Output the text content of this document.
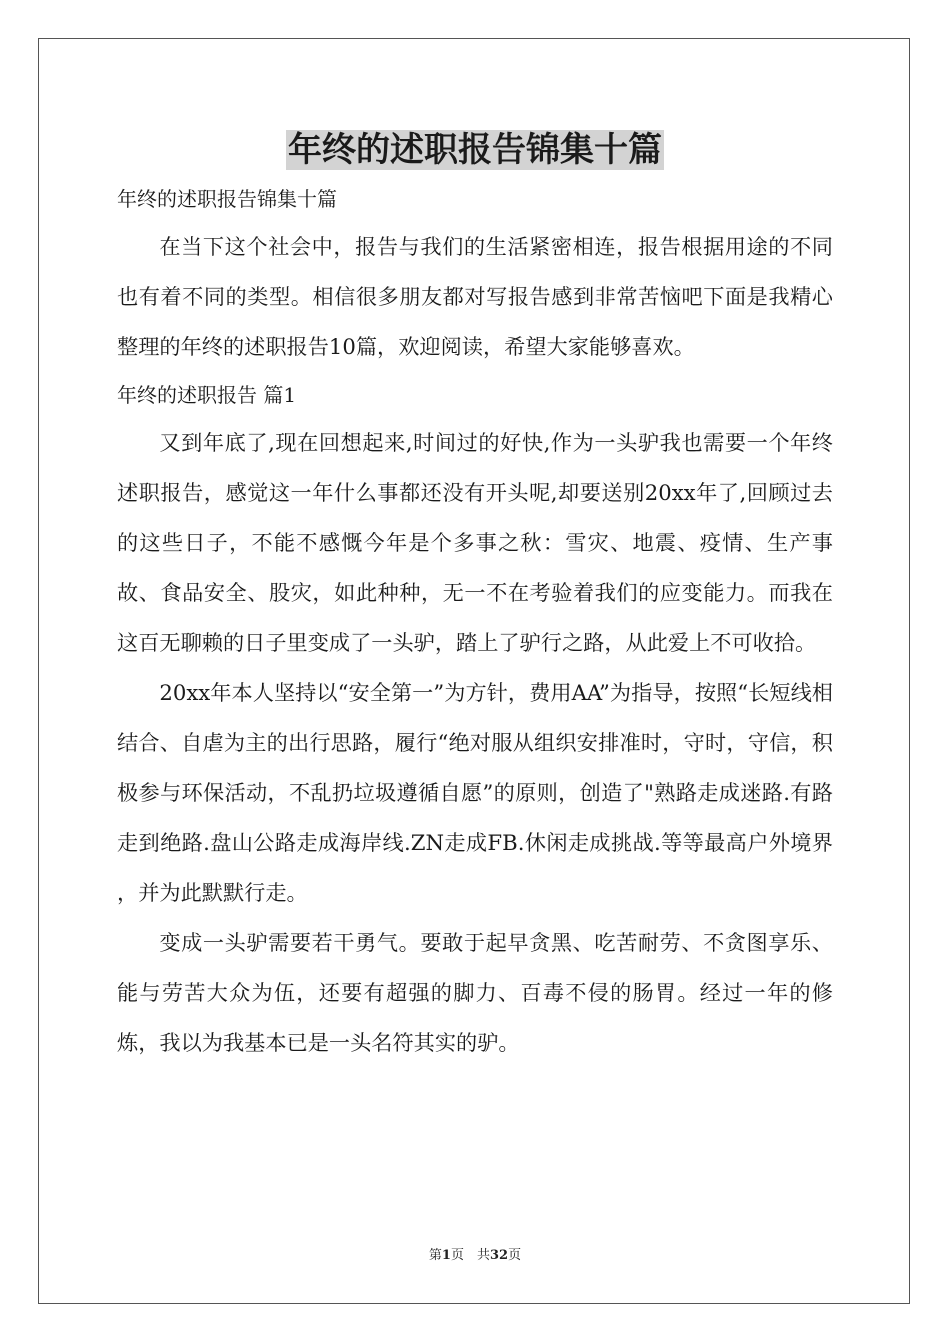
年终的述职报告锦集十篇

年终的述职报告锦集十篇

在当下这个社会中，报告与我们的生活紧密相连，报告根据用途的不同也有着不同的类型。相信很多朋友都对写报告感到非常苦恼吧下面是我精心整理的年终的述职报告10篇，欢迎阅读，希望大家能够喜欢。

年终的述职报告 篇1

又到年底了,现在回想起来,时间过的好快,作为一头驴我也需要一个年终述职报告，感觉这一年什么事都还没有开头呢,却要送别20xx年了,回顾过去的这些日子，不能不感慨今年是个多事之秋：雪灾、地震、疫情、生产事故、食品安全、股灾，如此种种，无一不在考验着我们的应变能力。而我在这百无聊赖的日子里变成了一头驴，踏上了驴行之路，从此爱上不可收拾。

20xx年本人坚持以“安全第一”为方针，费用AA”为指导，按照“长短线相结合、自虐为主的出行思路，履行“绝对服从组织安排准时，守时，守信，积极参与环保活动，不乱扔垃圾遵循自愿”的原则，创造了"熟路走成迷路.有路走到绝路.盘山公路走成海岸线.ZN走成FB.休闲走成挑战.等等最高户外境界 ，并为此默默行走。

变成一头驴需要若干勇气。要敢于起早贪黑、吃苦耐劳、不贪图享乐、能与劳苦大众为伍，还要有超强的脚力、百毒不侵的肠胃。经过一年的修炼，我以为我基本已是一头名符其实的驴。

第1页　共32页
